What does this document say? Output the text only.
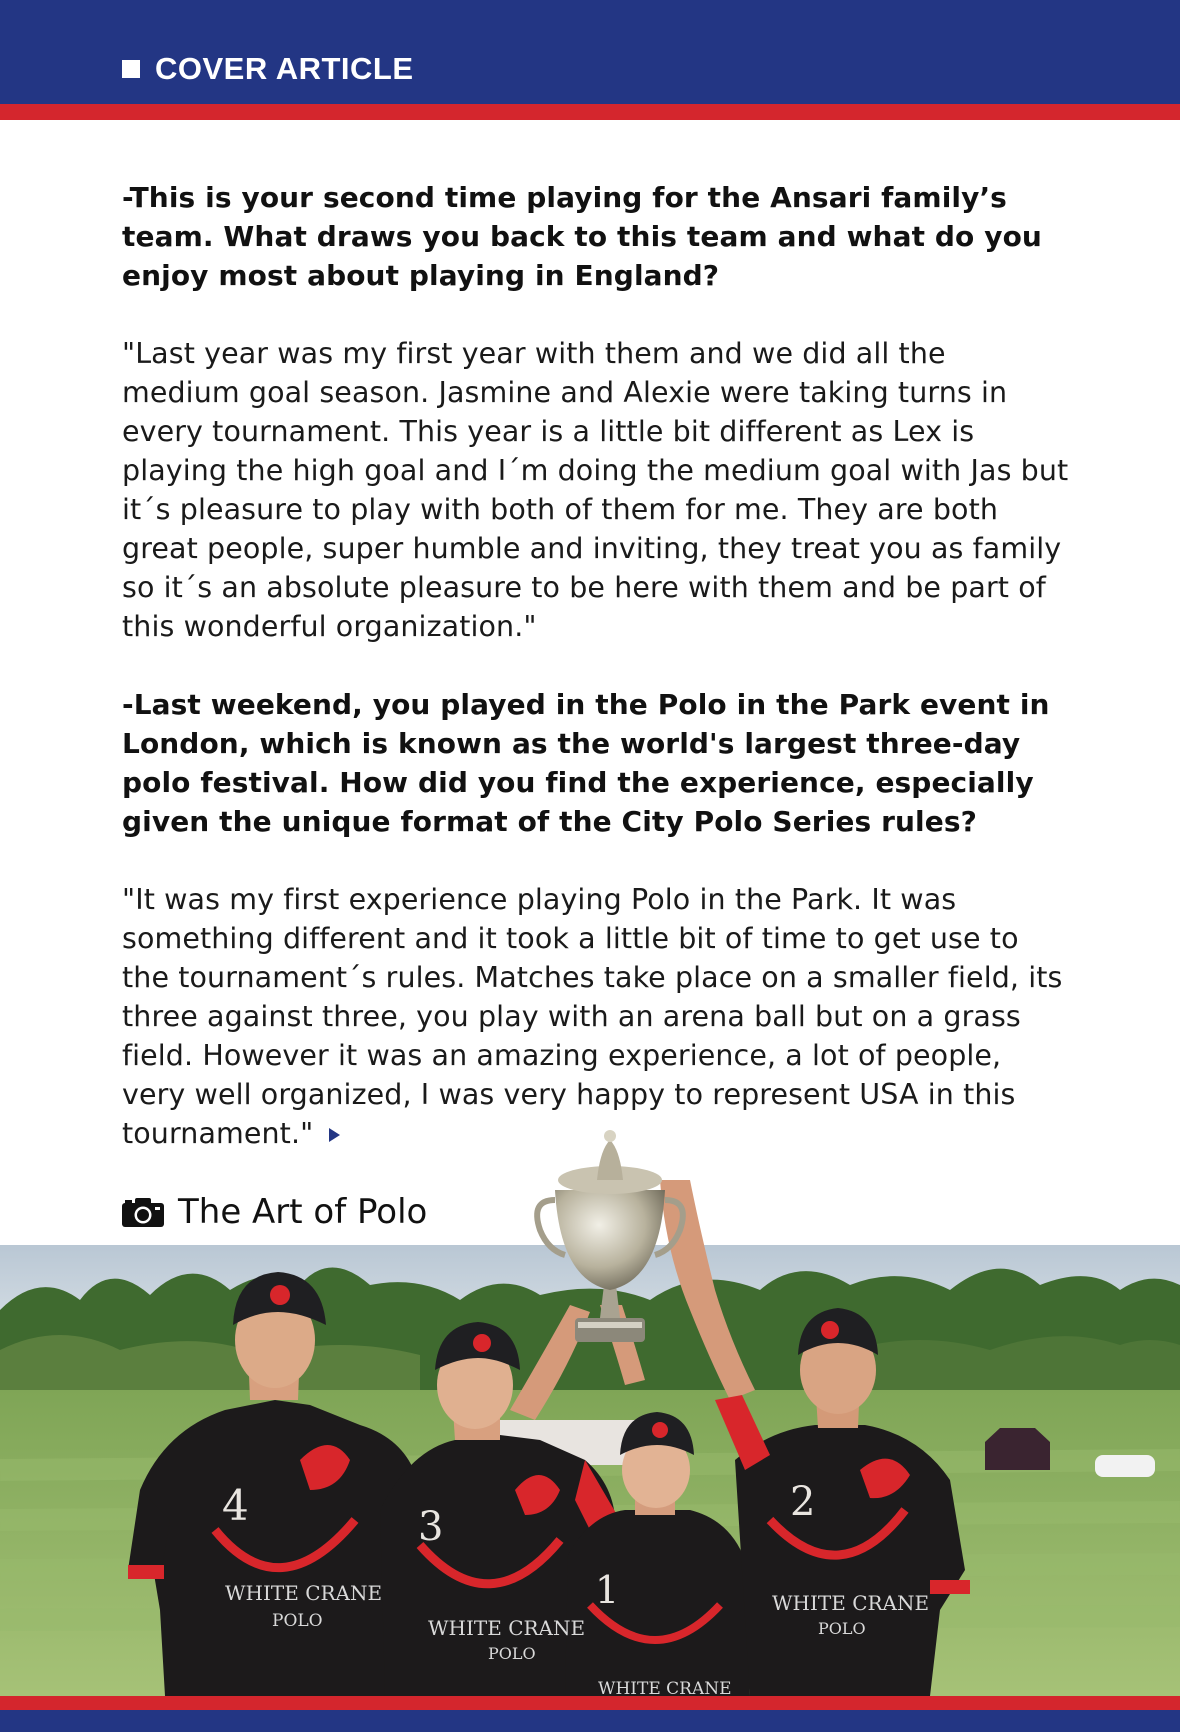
COVER ARTICLE

-This is your second time playing for the Ansari family’s team. What draws you back to this team and what do you enjoy most about playing in England?

"Last year was my first year with them and we did all the medium goal season. Jasmine and Alexie were taking turns in every tournament. This year is a little bit different as Lex is playing the high goal and I´m doing the medium goal with Jas but it´s pleasure to play with both of them for me. They are both great people, super humble and inviting, they treat you as family so it´s an absolute pleasure to be here with them and be part of this wonderful organization."

-Last weekend, you played in the Polo in the Park event in London, which is known as the world's largest three-day polo festival. How did you find the experience, especially given the unique format of the City Polo Series rules?

"It was my first experience playing Polo in the Park. It was something different and it took a little bit of time to get use to the tournament´s rules. Matches take place on a smaller field, its three against three, you play with an arena ball but on a grass field. However it was an amazing experience, a lot of people, very well organized, I was very happy to represent USA in this tournament."

4	3
1
2
WHITE CRANE
POLO	WHITE CRANE
POLO
WHITE CRANE
WHITE CRANE
POLO
The Art of Polo
